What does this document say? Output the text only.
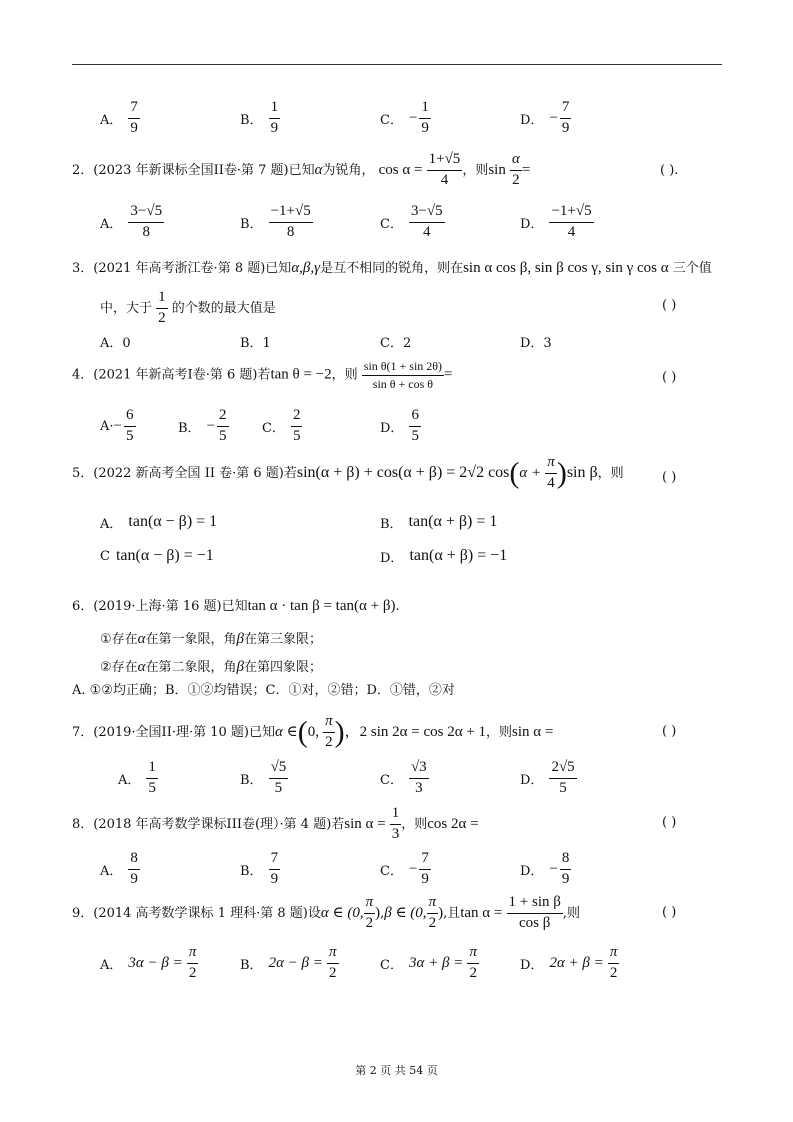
A． $\frac{7}{9}$	B． $\frac{1}{9}$	C． − $\frac{1}{9}$	D． − $\frac{7}{9}$
2．(2023 年新课标全国II卷·第 7 题)已知α为锐角， $\cos \alpha = \frac{1+√5}{4}$ ，则$\sin \frac{\alpha}{2}$ =	( ).
A． $\frac{3-√5}{8}$	B． $\frac{-1+√5}{8}$	C． $\frac{3-√5}{4}$	D． $\frac{-1+√5}{4}$
3．(2021 年高考浙江卷·第 8 题)已知α,β,γ是互不相同的锐角，则在sin α cos β, sin β cos γ, sin γ cos α 三个值
中，大于 $\frac{1}{2}$ 的个数的最大值是	( )
A．0	B．1	C．2	D．3
4．(2021 年新高考I卷·第 6 题)若tan θ = −2，则 $\frac{\text{sin θ(1 + sin 2θ)}}{\text{sin θ + cos θ}}$ =	( )
$A\cdot- \frac{6}{5}$	B． − $\frac{2}{5}$	C． $\frac{2}{5}$	D． $\frac{6}{5}$
5．(2022 新高考全国 II 卷·第 6 题)若sin(α + β) + cos(α + β) = 2√2 $\cos(\alpha + \frac{\pi}{4} )\sin$ β，则	( )
A． tan(α − β) = 1	B． tan(α + β) = 1
C tan(α − β) = −1	D． tan(α + β) = −1
6．(2019·上海·第 16 题)已知tan α · tan β = tan(α + β).
①存在α在第一象限，角β在第三象限；
②存在α在第二象限，角β在第四象限；
A. ①②均正确；B．①②均错误；C．①对，②错；D．①错，②对
7．(2019·全国II·理·第 10 题)已知α ∈(0, $\frac{\pi}{2}$ )，2 sin 2α = cos 2α + 1，则sin α =	( )
A． $\frac{1}{5}$	B． $\frac{√5}{5}$	C． $\frac{√3}{3}$	D． $\frac{2√5}{5}$
8．(2018 年高考数学课标III卷(理）·第 4 题)若$\sin \alpha = \frac{1}{3}$ ，则cos 2α =	( )
A． $\frac{8}{9}$	B． $\frac{7}{9}$	C． − $\frac{7}{9}$	D． − $\frac{8}{9}$
9．(2014 高考数学课标 1 理科·第 8 题)设α ∈ (0, $\frac{\pi}{2} ),\beta$ ∈ (0, $\frac{\pi}{2}$ ),且$\tan \alpha = \frac{\text{1 + sin β}}{\text{cos β}}$ ,则	( )
A． $3\alpha - \beta = \frac{\pi}{2}$	B． $2\alpha - \beta = \frac{\pi}{2}$	C． $3\alpha + \beta = \frac{\pi}{2}$	D． $2\alpha + \beta = \frac{\pi}{2}$
第 2 页 共 54 页
